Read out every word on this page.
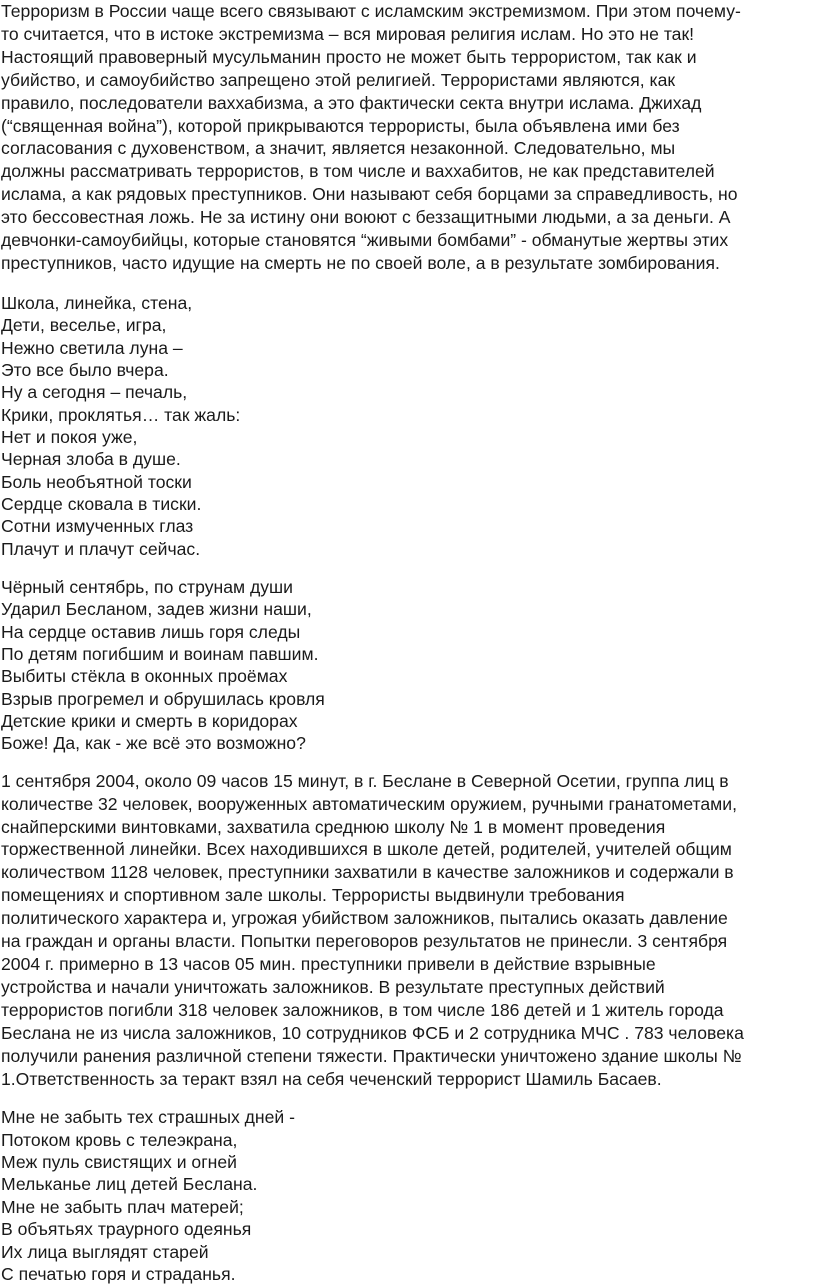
Терроризм в России чаще всего связывают с исламским экстремизмом. При этом почему-
то считается, что в истоке экстремизма – вся мировая религия ислам. Но это не так!
Настоящий правоверный мусульманин просто не может быть террористом, так как и
убийство, и самоубийство запрещено этой религией. Террористами являются, как
правило, последователи ваххабизма, а это фактически секта внутри ислама. Джихад
(“священная война”), которой прикрываются террористы, была объявлена ими без
согласования с духовенством, а значит, является незаконной. Следовательно, мы
должны рассматривать террористов, в том числе и ваххабитов, не как представителей
ислама, а как рядовых преступников. Они называют себя борцами за справедливость, но
это бессовестная ложь. Не за истину они воюют с беззащитными людьми, а за деньги. А
девчонки-самоубийцы, которые становятся “живыми бомбами” - обманутые жертвы этих
преступников, часто идущие на смерть не по своей воле, а в результате зомбирования.
Школа, линейка, стена,
Дети, веселье, игра,
Нежно светила луна –
Это все было вчера.
Ну а сегодня – печаль,
Крики, проклятья… так жаль:
Нет и покоя уже,
Черная злоба в душе.
Боль необъятной тоски
Сердце сковала в тиски.
Сотни измученных глаз
Плачут и плачут сейчас.
Чёрный сентябрь, по струнам души
Ударил Бесланом, задев жизни наши,
На сердце оставив лишь горя следы
По детям погибшим и воинам павшим.
Выбиты стёкла в оконных проёмах
Взрыв прогремел и обрушилась кровля
Детские крики и смерть в коридорах
Боже! Да, как - же всё это возможно?
1 сентября 2004, около 09 часов 15 минут, в г. Беслане в Северной Осетии, группа лиц в
количестве 32 человек, вооруженных автоматическим оружием, ручными гранатометами,
снайперскими винтовками, захватила среднюю школу № 1 в момент проведения
торжественной линейки. Всех находившихся в школе детей, родителей, учителей общим
количеством 1128 человек, преступники захватили в качестве заложников и содержали в
помещениях и спортивном зале школы. Террористы выдвинули требования
политического характера и, угрожая убийством заложников, пытались оказать давление
на граждан и органы власти. Попытки переговоров результатов не принесли. 3 сентября
2004 г. примерно в 13 часов 05 мин. преступники привели в действие взрывные
устройства и начали уничтожать заложников. В результате преступных действий
террористов погибли 318 человек заложников, в том числе 186 детей и 1 житель города
Беслана не из числа заложников, 10 сотрудников ФСБ и 2 сотрудника МЧС . 783 человека
получили ранения различной степени тяжести. Практически уничтожено здание школы №
1.Ответственность за теракт взял на себя чеченский террорист Шамиль Басаев.
Мне не забыть тех страшных дней -
Потоком кровь с телеэкрана,
Меж пуль свистящих и огней
Мельканье лиц детей Беслана.
Мне не забыть плач матерей;
В объятьях траурного одеянья
Их лица выглядят старей
С печатью горя и страданья.
